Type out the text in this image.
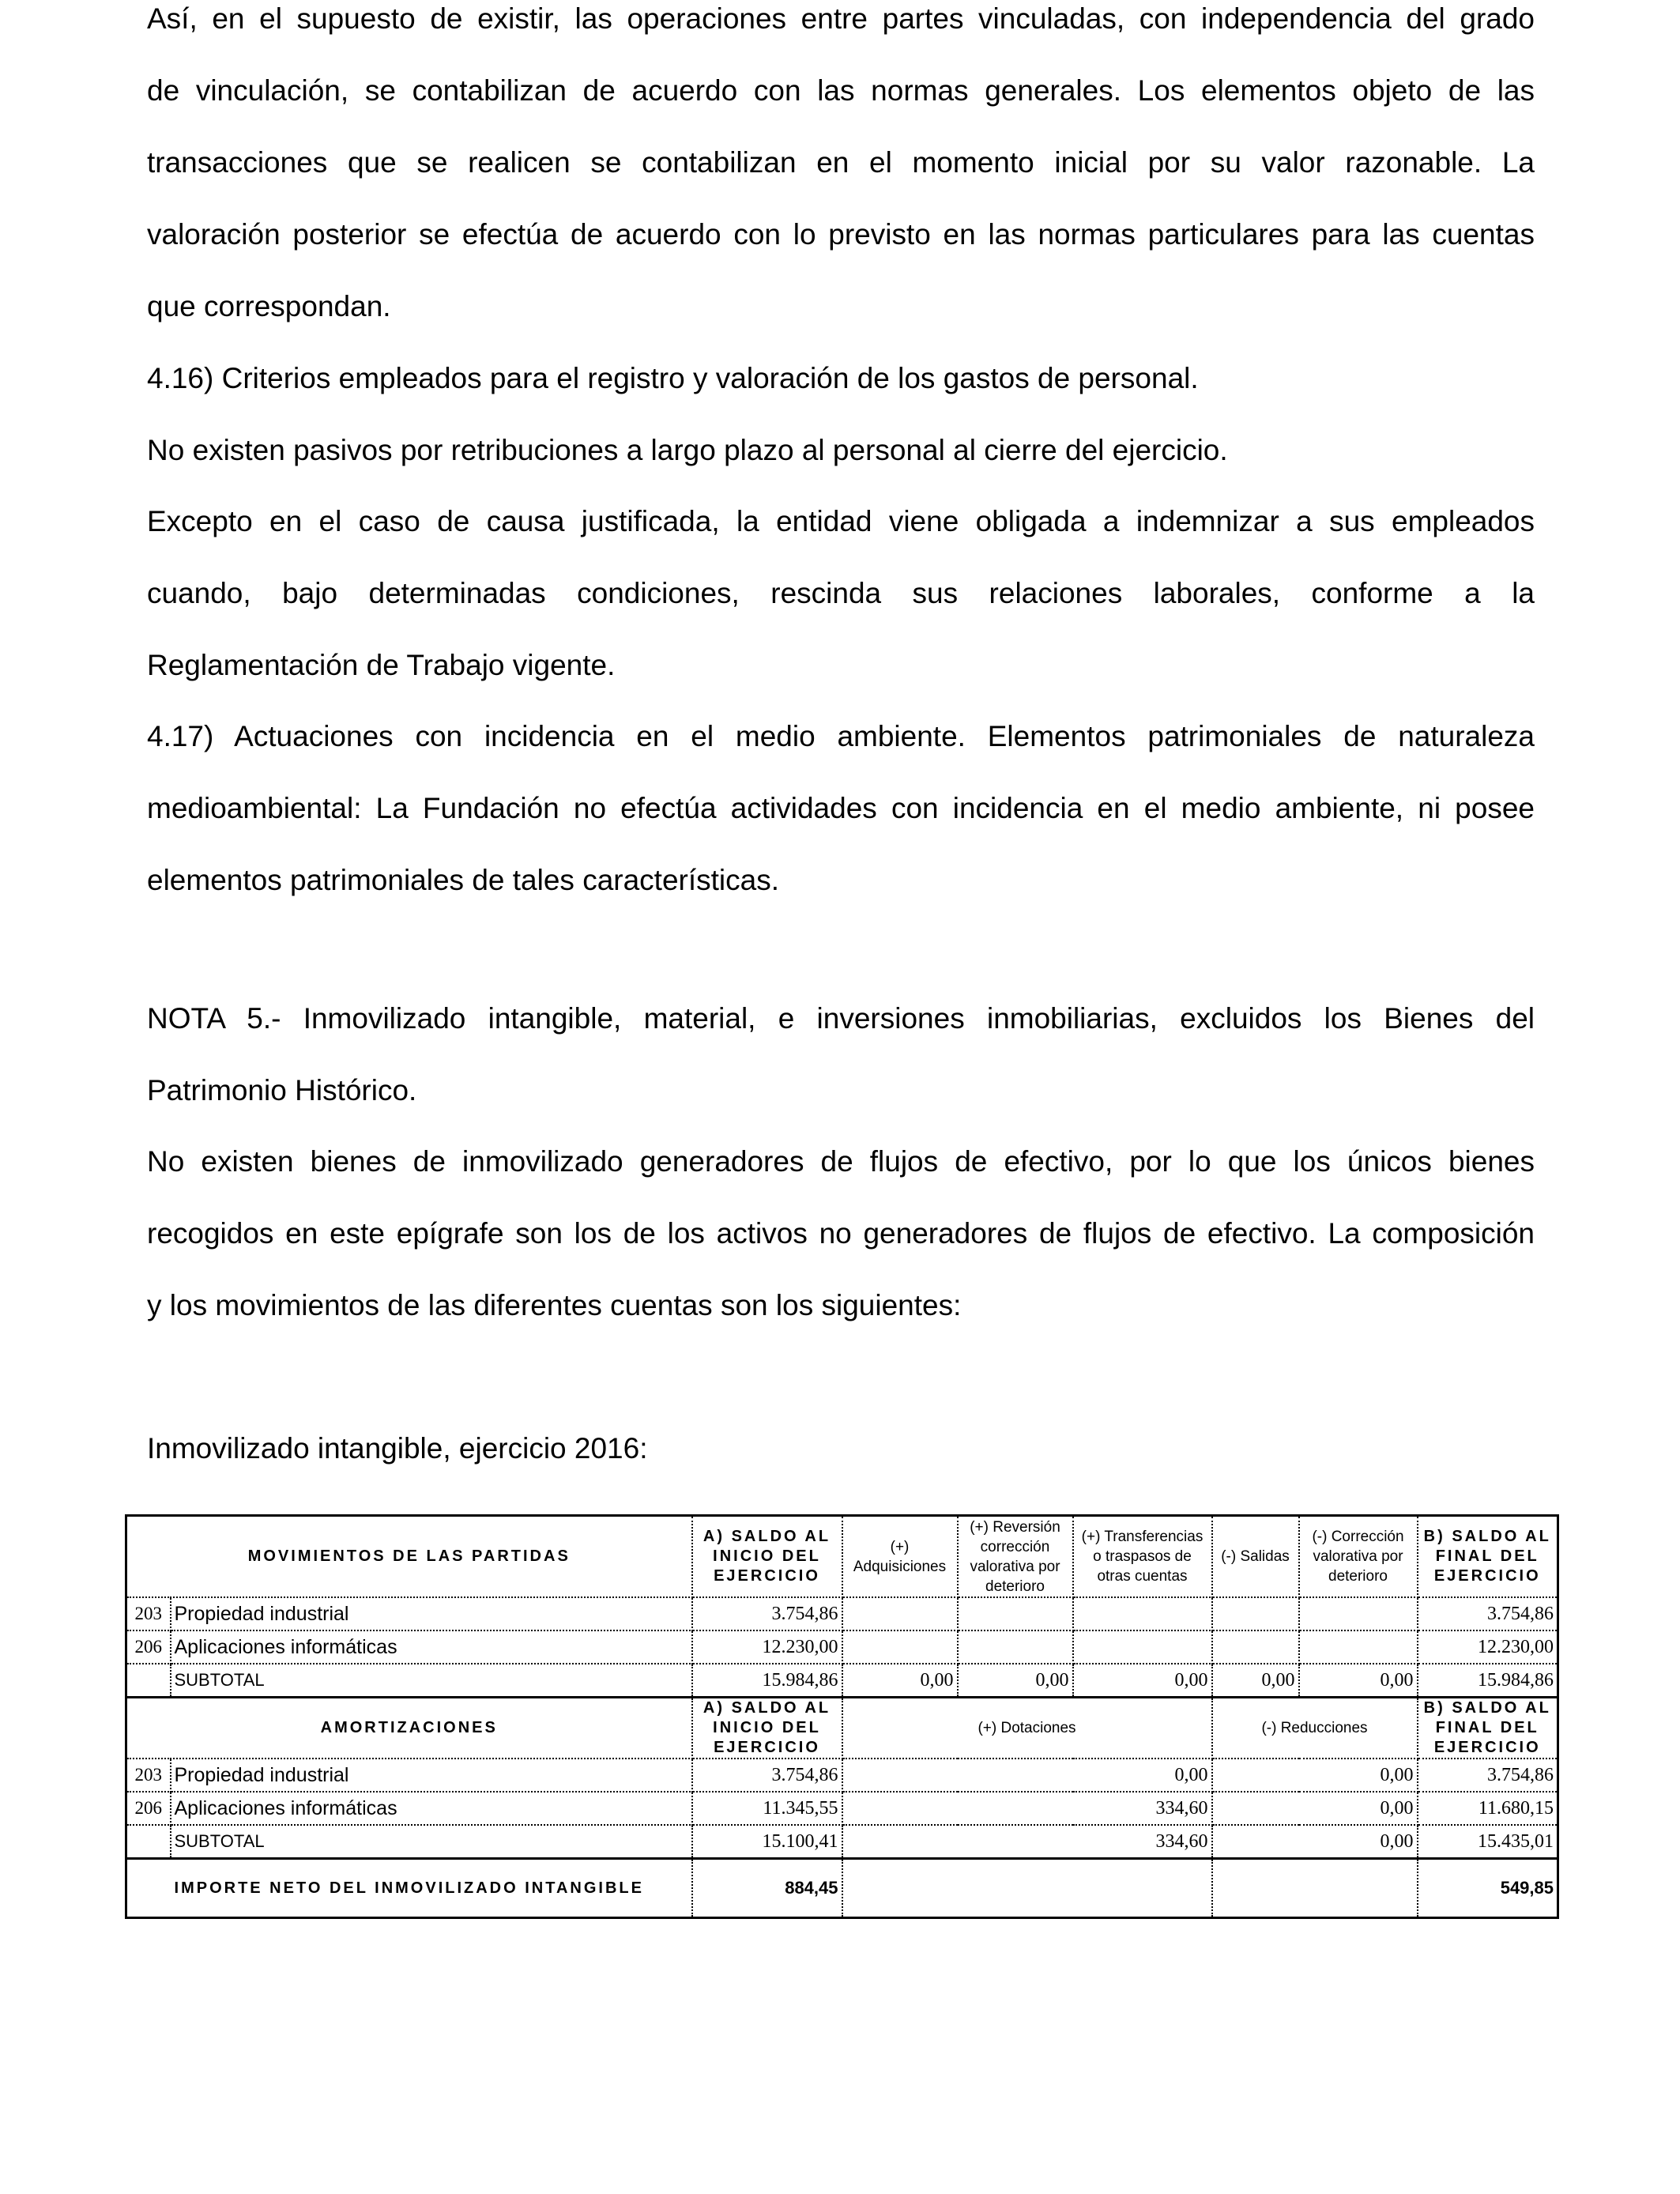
Así, en el supuesto de existir, las operaciones entre partes vinculadas, con independencia del grado
de vinculación, se contabilizan de acuerdo con las normas generales. Los elementos objeto de las
transacciones que se realicen se contabilizan en el momento inicial por su valor razonable. La
valoración posterior se efectúa de acuerdo con lo previsto en las normas particulares para las cuentas
que correspondan.
4.16) Criterios empleados para el registro y valoración de los gastos de personal.
No existen pasivos por retribuciones a largo plazo al personal al cierre del ejercicio.
Excepto en el caso de causa justificada, la entidad viene obligada a indemnizar a sus empleados
cuando, bajo determinadas condiciones, rescinda sus relaciones laborales, conforme a la
Reglamentación de Trabajo vigente.
4.17) Actuaciones con incidencia en el medio ambiente. Elementos patrimoniales de naturaleza
medioambiental: La Fundación no efectúa actividades con incidencia en el medio ambiente, ni posee
elementos patrimoniales de tales características.
NOTA 5.- Inmovilizado intangible, material, e inversiones inmobiliarias, excluidos los Bienes del
Patrimonio Histórico.
No existen bienes de inmovilizado generadores de flujos de efectivo, por lo que los únicos bienes
recogidos en este epígrafe son los de los activos no generadores de flujos de efectivo. La composición
y los movimientos de las diferentes cuentas son los siguientes:

Inmovilizado intangible, ejercicio 2016:

MOVIMIENTOS DE LAS PARTIDAS		A) SALDO AL INICIO DEL EJERCICIO	(+) Adquisiciones	(+) Reversión corrección valorativa por deterioro	(+) Transferencias o traspasos de otras cuentas	(-) Salidas	(-) Corrección valorativa por deterioro	B) SALDO AL FINAL DEL EJERCICIO
203	Propiedad industrial	3.754,86						3.754,86
206	Aplicaciones informáticas	12.230,00						12.230,00
	SUBTOTAL	15.984,86	0,00	0,00	0,00	0,00	0,00	15.984,86
AMORTIZACIONES		A) SALDO AL INICIO DEL EJERCICIO	(+) Dotaciones			(-) Reducciones		B) SALDO AL FINAL DEL EJERCICIO
203	Propiedad industrial	3.754,86	0,00			0,00		3.754,86
206	Aplicaciones informáticas	11.345,55	334,60			0,00		11.680,15
	SUBTOTAL	15.100,41	334,60			0,00		15.435,01
IMPORTE NETO DEL INMOVILIZADO INTANGIBLE		884,45						549,85
